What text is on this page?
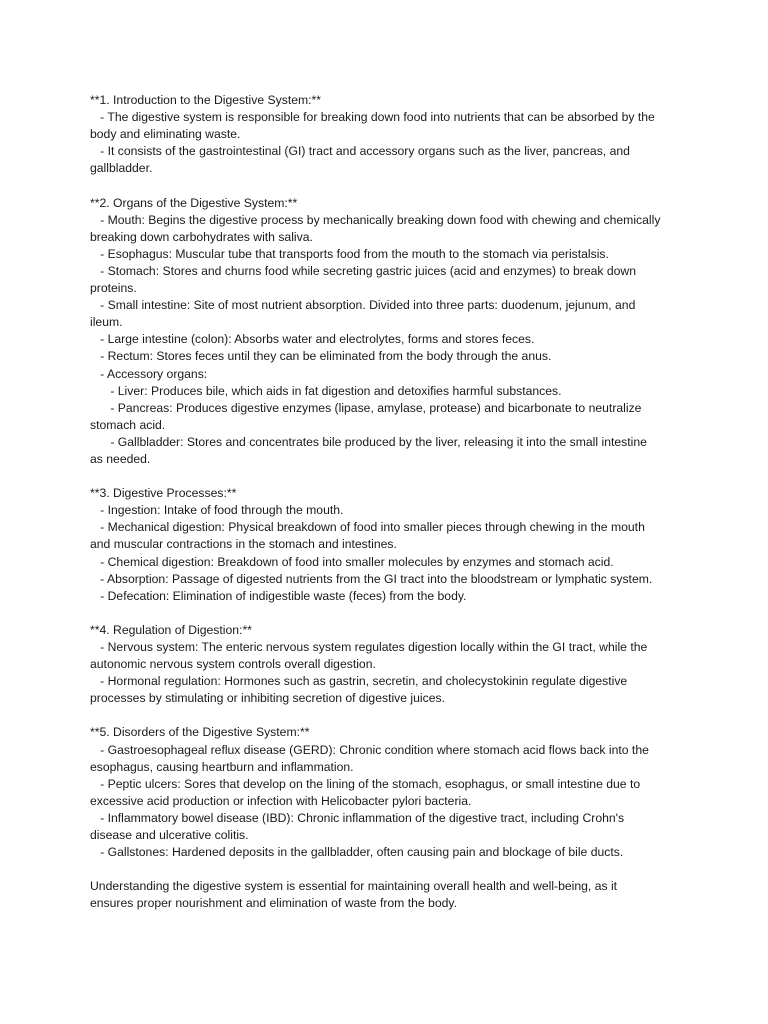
**1. Introduction to the Digestive System:**
- The digestive system is responsible for breaking down food into nutrients that can be absorbed by the
body and eliminating waste.
- It consists of the gastrointestinal (GI) tract and accessory organs such as the liver, pancreas, and
gallbladder.
**2. Organs of the Digestive System:**
- Mouth: Begins the digestive process by mechanically breaking down food with chewing and chemically
breaking down carbohydrates with saliva.
- Esophagus: Muscular tube that transports food from the mouth to the stomach via peristalsis.
- Stomach: Stores and churns food while secreting gastric juices (acid and enzymes) to break down
proteins.
- Small intestine: Site of most nutrient absorption. Divided into three parts: duodenum, jejunum, and
ileum.
- Large intestine (colon): Absorbs water and electrolytes, forms and stores feces.
- Rectum: Stores feces until they can be eliminated from the body through the anus.
- Accessory organs:
- Liver: Produces bile, which aids in fat digestion and detoxifies harmful substances.
- Pancreas: Produces digestive enzymes (lipase, amylase, protease) and bicarbonate to neutralize
stomach acid.
- Gallbladder: Stores and concentrates bile produced by the liver, releasing it into the small intestine
as needed.
**3. Digestive Processes:**
- Ingestion: Intake of food through the mouth.
- Mechanical digestion: Physical breakdown of food into smaller pieces through chewing in the mouth
and muscular contractions in the stomach and intestines.
- Chemical digestion: Breakdown of food into smaller molecules by enzymes and stomach acid.
- Absorption: Passage of digested nutrients from the GI tract into the bloodstream or lymphatic system.
- Defecation: Elimination of indigestible waste (feces) from the body.
**4. Regulation of Digestion:**
- Nervous system: The enteric nervous system regulates digestion locally within the GI tract, while the
autonomic nervous system controls overall digestion.
- Hormonal regulation: Hormones such as gastrin, secretin, and cholecystokinin regulate digestive
processes by stimulating or inhibiting secretion of digestive juices.
**5. Disorders of the Digestive System:**
- Gastroesophageal reflux disease (GERD): Chronic condition where stomach acid flows back into the
esophagus, causing heartburn and inflammation.
- Peptic ulcers: Sores that develop on the lining of the stomach, esophagus, or small intestine due to
excessive acid production or infection with Helicobacter pylori bacteria.
- Inflammatory bowel disease (IBD): Chronic inflammation of the digestive tract, including Crohn's
disease and ulcerative colitis.
- Gallstones: Hardened deposits in the gallbladder, often causing pain and blockage of bile ducts.
Understanding the digestive system is essential for maintaining overall health and well-being, as it
ensures proper nourishment and elimination of waste from the body.
